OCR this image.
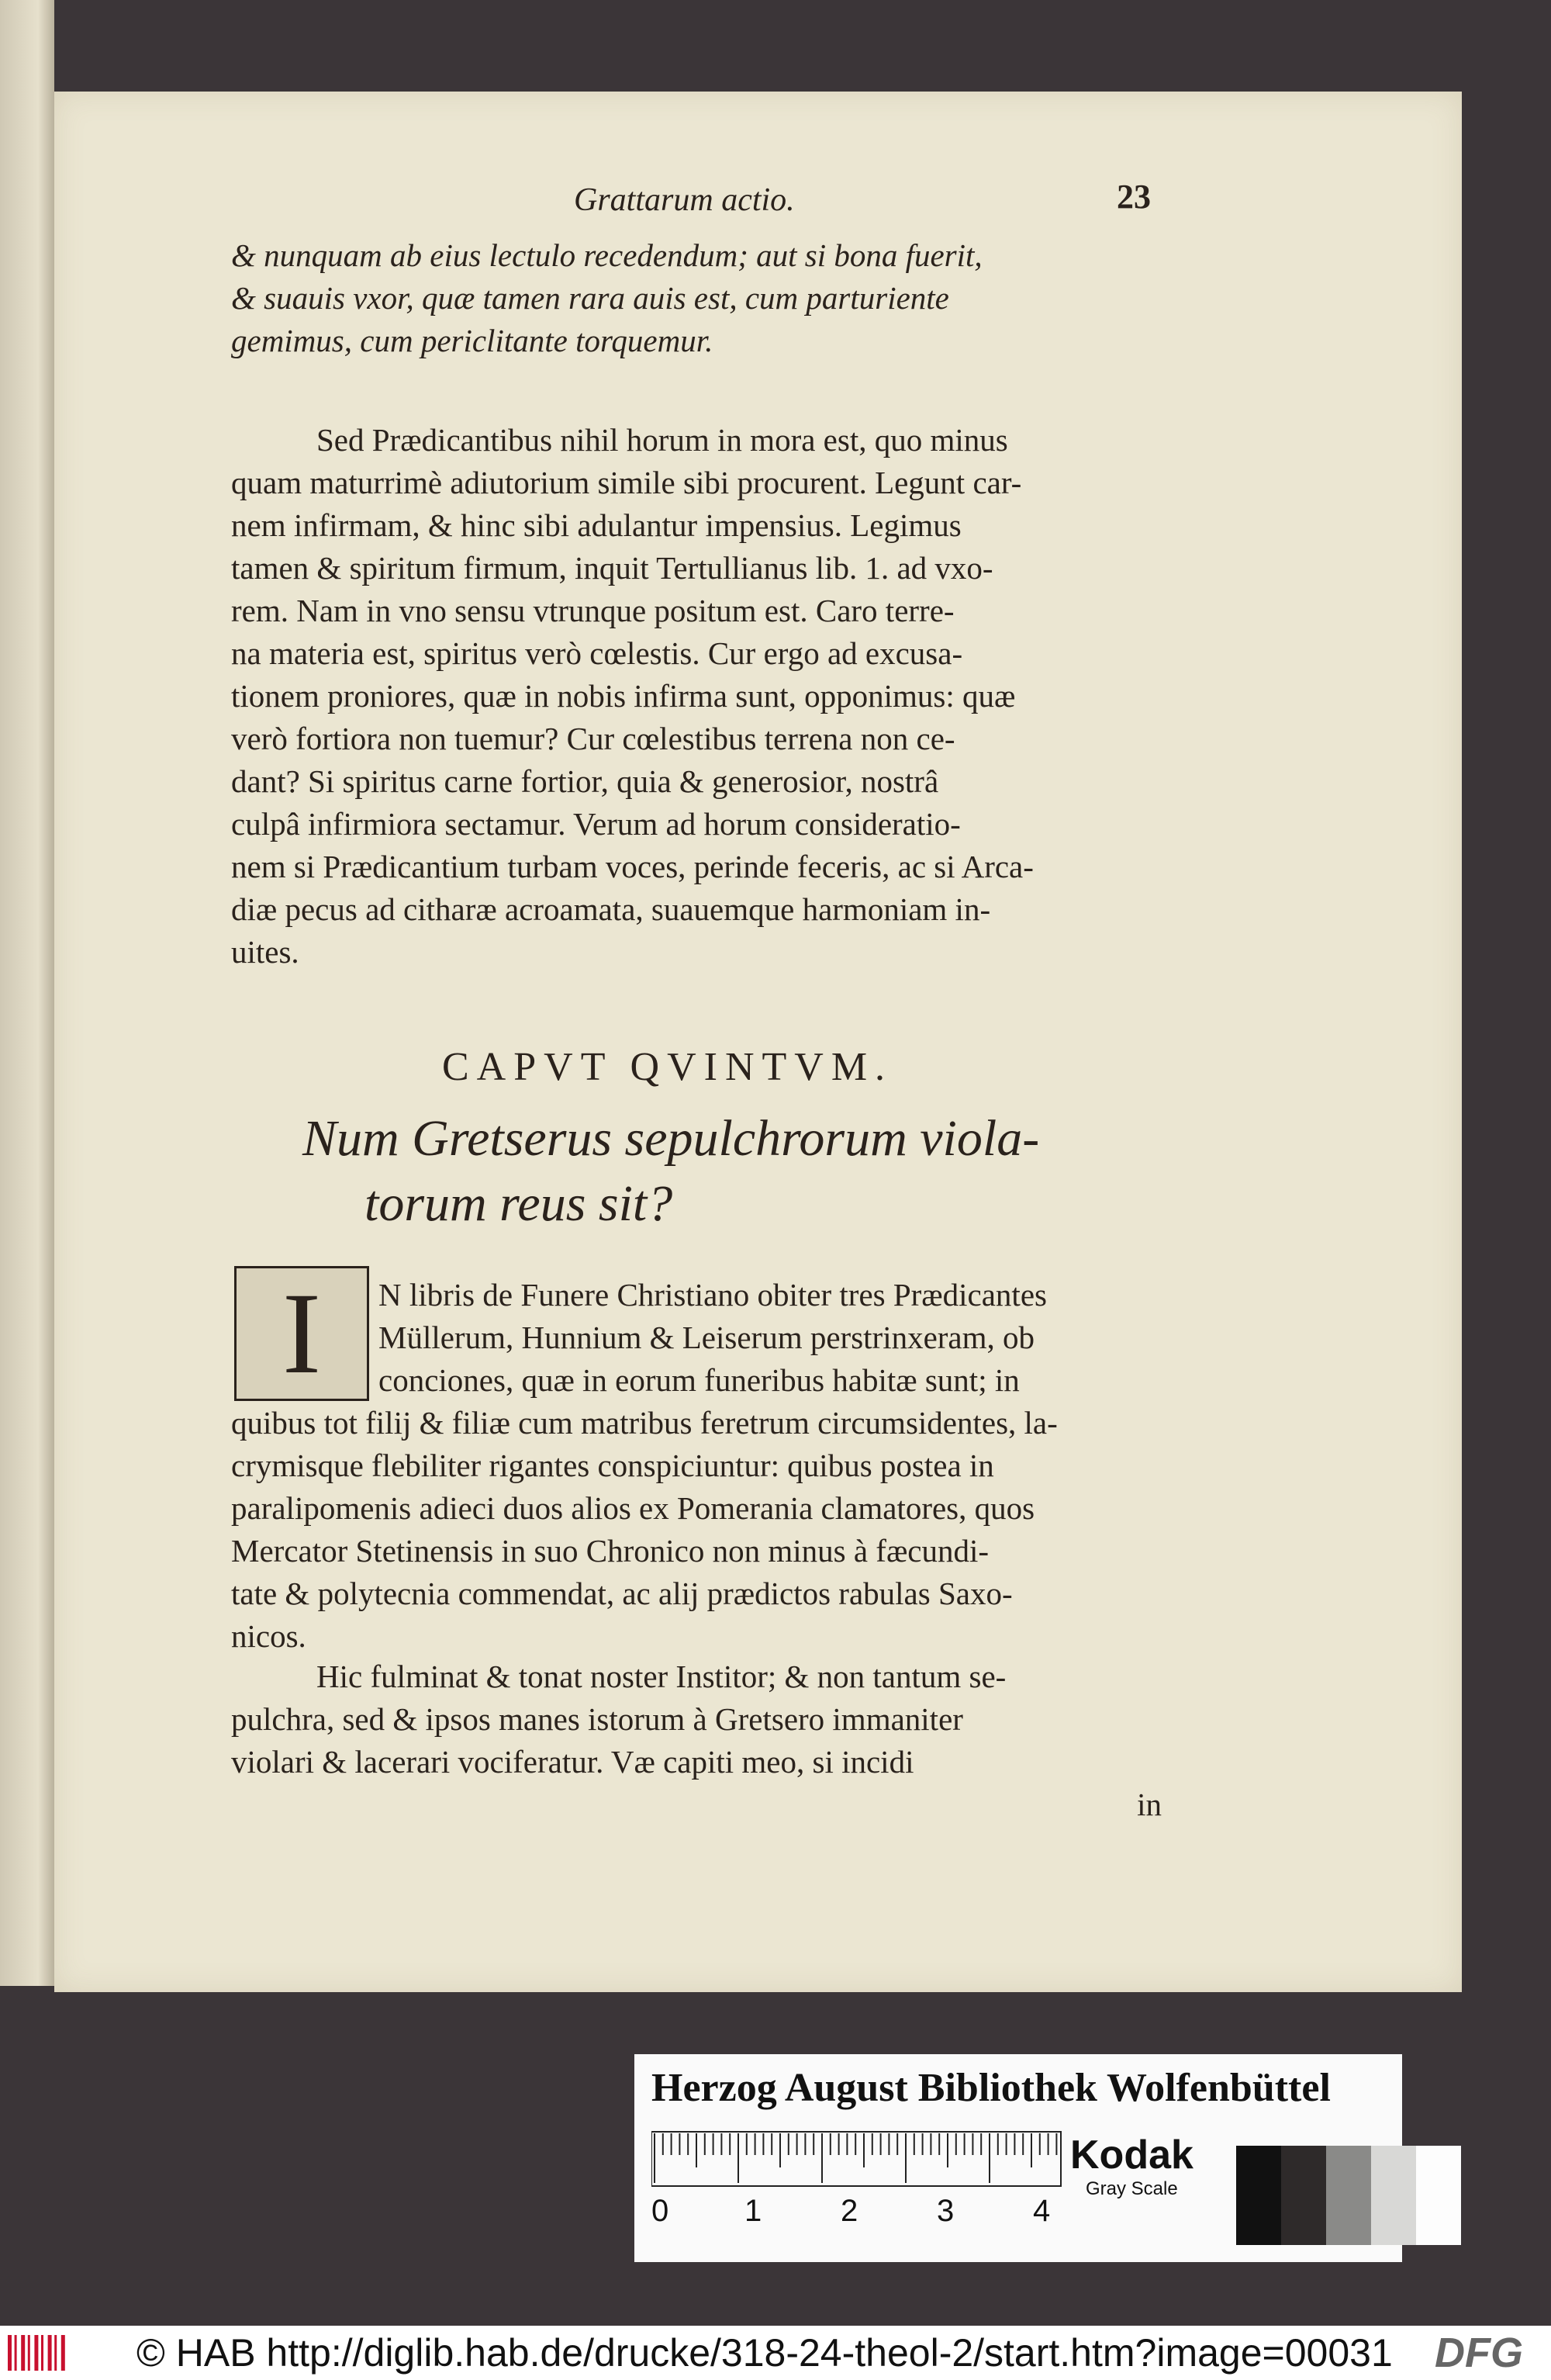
Grattarum actio.	23
& nunquam ab eius lectulo recedendum; aut si bona fuerit,
& suauis vxor, quæ tamen rara auis est, cum parturiente
gemimus, cum periclitante torquemur.
Sed Prædicantibus nihil horum in mora est, quo minus
quam maturrimè adiutorium simile sibi procurent. Legunt car-
nem infirmam, & hinc sibi adulantur impensius. Legimus
tamen & spiritum firmum, inquit Tertullianus lib. 1. ad vxo-
rem. Nam in vno sensu vtrunque positum est. Caro terre-
na materia est, spiritus verò cœlestis. Cur ergo ad excusa-
tionem proniores, quæ in nobis infirma sunt, opponimus: quæ
verò fortiora non tuemur? Cur cœlestibus terrena non ce-
dant? Si spiritus carne fortior, quia & generosior, nostrâ
culpâ infirmiora sectamur. Verum ad horum consideratio-
nem si Prædicantium turbam voces, perinde feceris, ac si Arca-
diæ pecus ad citharæ acroamata, suauemque harmoniam in-
uites.
CAPVT QVINTVM.
Num Gretserus sepulchrorum viola-
torum reus sit?
I	N libris de Funere Christiano obiter tres Prædicantes
Müllerum, Hunnium & Leiserum perstrinxeram, ob
conciones, quæ in eorum funeribus habitæ sunt; in
quibus tot filij & filiæ cum matribus feretrum circumsidentes, la-
crymisque flebiliter rigantes conspiciuntur: quibus postea in
paralipomenis adieci duos alios ex Pomerania clamatores, quos
Mercator Stetinensis in suo Chronico non minus à fæcundi-
tate & polytecnia commendat, ac alij prædictos rabulas Saxo-
nicos.
Hic fulminat & tonat noster Institor; & non tantum se-
pulchra, sed & ipsos manes istorum à Gretsero immaniter
violari & lacerari vociferatur. Væ capiti meo, si incidi
in
Herzog August Bibliothek Wolfenbüttel
0 1	2	3	4
Kodak
Gray Scale
© HAB http://diglib.hab.de/drucke/318-24-theol-2/start.htm?image=00031 DFG
